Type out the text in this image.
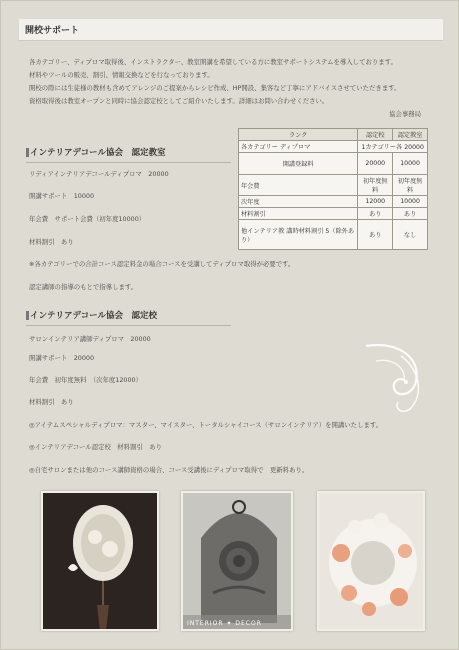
開校サポート

各カテゴリー、ディプロマ取得後、インストラクター、教室開講を希望している方に教室サポートシステムを導入しております。

材料やツールの販売、割引、情報交換などを行なっております。

開校の際には生徒様の教材も含めてアレンジのご提案からレシピ作成、HP開設、集客など丁寧にアドバイスさせていただきます。

資格取得後は教室オープンと同時に協会認定校としてご紹介いたします。詳細はお問い合わせください。

協会事務局

インテリアデコール協会　認定教室
リディアインテリアデコールディプロマ　20000
開講サポート　10000
年会費　サポート会費（初年度10000）
材料割引　あり
※各カテゴリーでの合計コース認定料金の場合コースを受講してディプロマ取得が必要です。
認定講師の指導のもとで指導します。
ランク	認定校	認定教室
各カテゴリー ディプロマ	1カテゴリー各 20000	
開講登録料	20000	10000
年会費	初年度無料	初年度無料
次年度	12000	10000
材料割引	あり	あり
他インテリア教 講時材料割引 5（除外あり）	あり	なし
インテリアデコール協会　認定校
サロンインテリア講師ディプロマ　20000
開講サポート　20000
年会費　初年度無料　（次年度12000）
材料割引　あり
◎アイテムスペシャルディプロマ：マスター、マイスター、トータルシャイコース（サロンインテリア）を開講いたします。
◎インテリアデコール認定校　材料割引　あり
◎自宅サロンまたは他のコース講師資格の場合、コース受講後にディプロマ取得で　更新料あり。
INTERIOR ✦ DECOR
